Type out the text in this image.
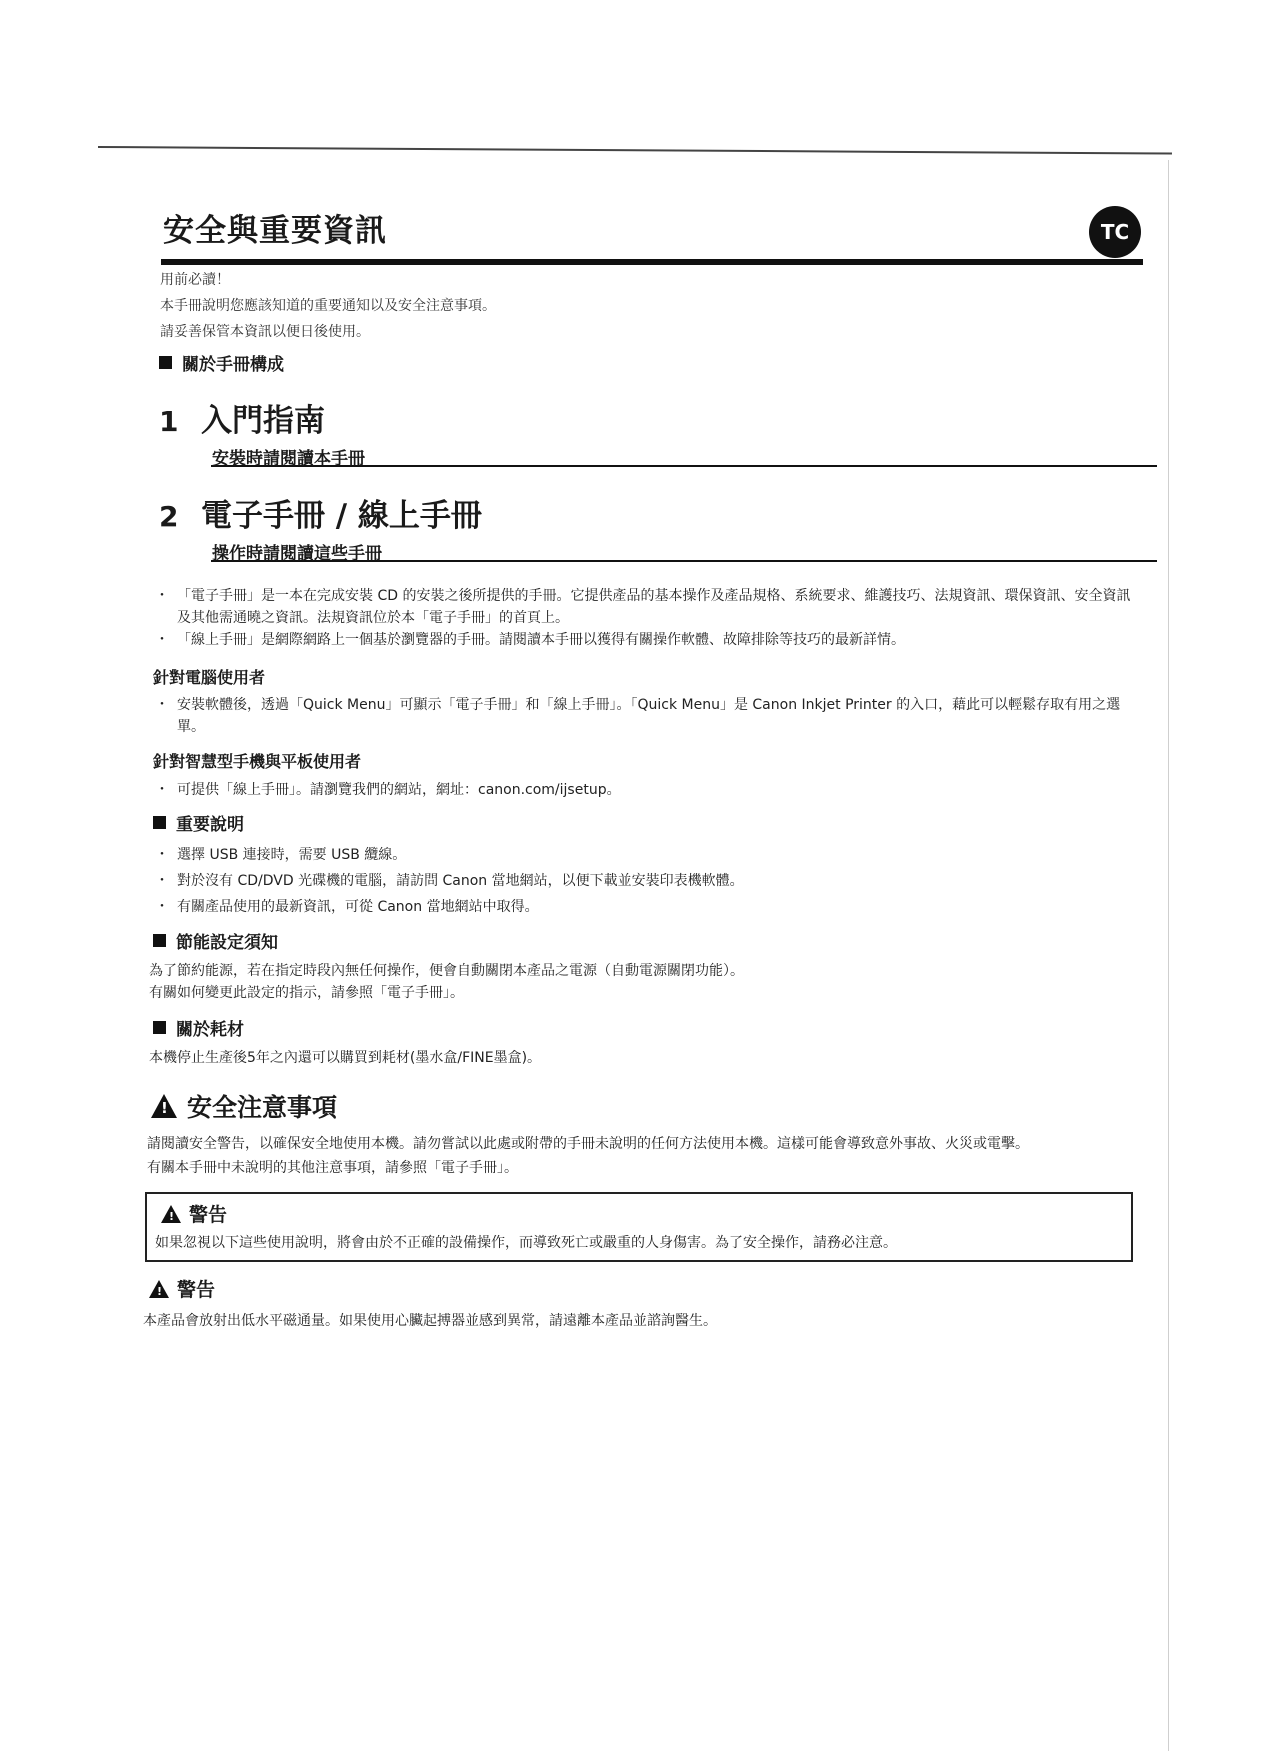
安全與重要資訊	TC
用前必讀！
本手冊說明您應該知道的重要通知以及安全注意事項。
請妥善保管本資訊以便日後使用。
關於手冊構成
1 入門指南
安裝時請閱讀本手冊
2 電子手冊 / 線上手冊
操作時請閱讀這些手冊
・ 「電子手冊」是一本在完成安裝 CD 的安裝之後所提供的手冊。它提供產品的基本操作及產品規格、系統要求、維護技巧、法規資訊、環保資訊、安全資訊及其他需通曉之資訊。法規資訊位於本「電子手冊」的首頁上。
・ 「線上手冊」是網際網路上一個基於瀏覽器的手冊。請閱讀本手冊以獲得有關操作軟體、故障排除等技巧的最新詳情。
針對電腦使用者
・ 安裝軟體後，透過「Quick Menu」可顯示「電子手冊」和「線上手冊」。「Quick Menu」是 Canon Inkjet Printer 的入口，藉此可以輕鬆存取有用之選單。
針對智慧型手機與平板使用者
・ 可提供「線上手冊」。請瀏覽我們的網站，網址：canon.com/ijsetup。
重要說明
・ 選擇 USB 連接時，需要 USB 纜線。
・ 對於沒有 CD/DVD 光碟機的電腦，請訪問 Canon 當地網站，以便下載並安裝印表機軟體。
・ 有關產品使用的最新資訊，可從 Canon 當地網站中取得。
節能設定須知
為了節約能源，若在指定時段內無任何操作，便會自動關閉本產品之電源（自動電源關閉功能）。
有關如何變更此設定的指示，請參照「電子手冊」。
關於耗材
本機停止生產後5年之內還可以購買到耗材(墨水盒/FINE墨盒)。
!
安全注意事項
請閱讀安全警告，以確保安全地使用本機。請勿嘗試以此處或附帶的手冊未說明的任何方法使用本機。這樣可能會導致意外事故、火災或電擊。
有關本手冊中未說明的其他注意事項，請參照「電子手冊」。
!
警告
如果忽視以下這些使用說明，將會由於不正確的設備操作，而導致死亡或嚴重的人身傷害。為了安全操作，請務必注意。
!
警告
本產品會放射出低水平磁通量。如果使用心臟起搏器並感到異常，請遠離本產品並諮詢醫生。
